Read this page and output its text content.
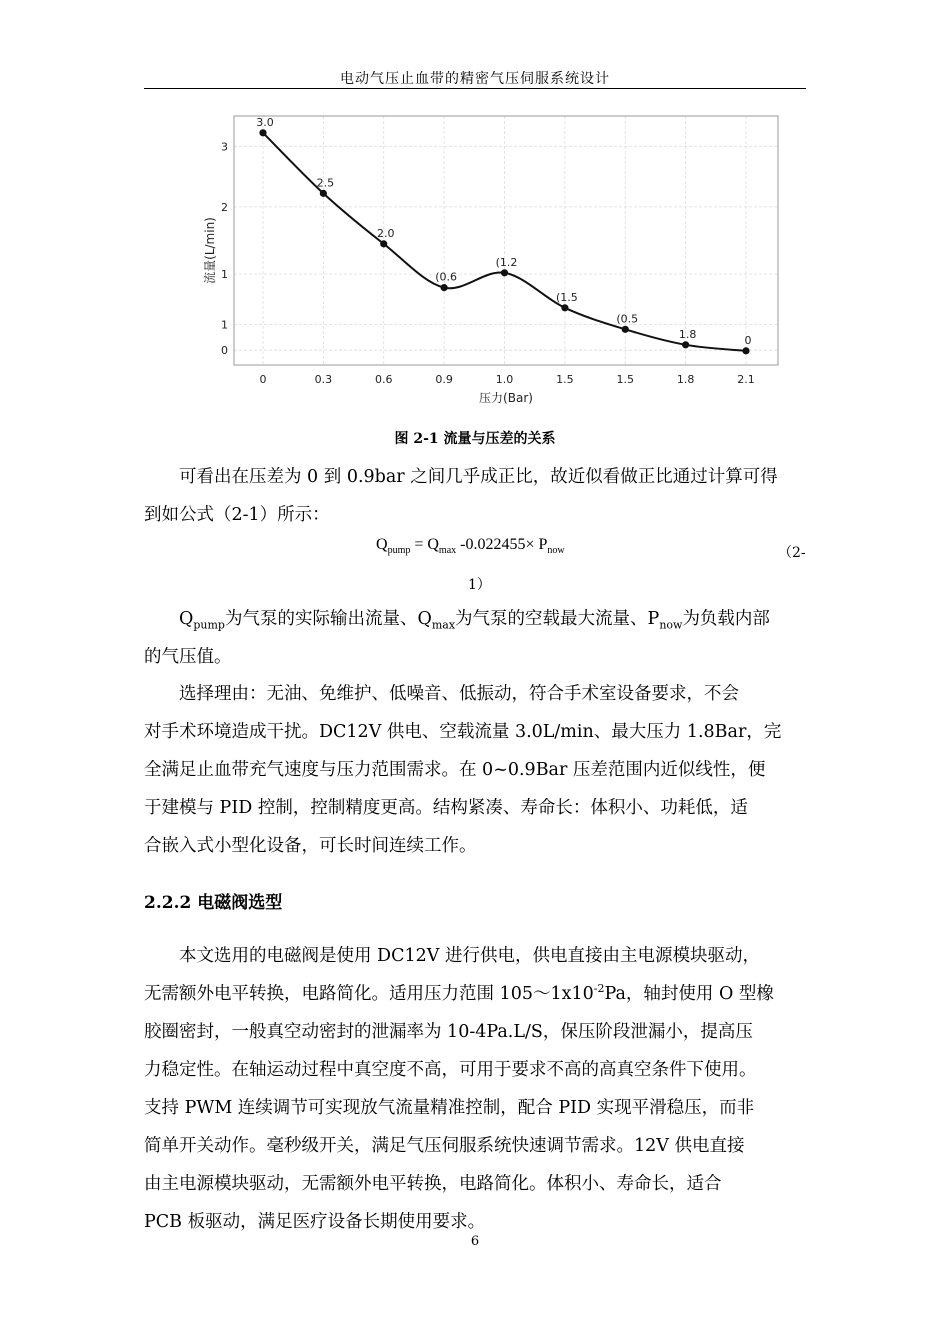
电动气压止血带的精密气压伺服系统设计
3
2
1
1
0
0	0.3	0.6	0.9	1.0	1.5	1.5	1.8	2.1
压力(Bar)
流量(L/min)
3.0
2.5
2.0
(0.6
(1.2
(1.5
(0.5
1.8	0
图 2-1 流量与压差的关系

可看出在压差为 0 到 0.9bar 之间几乎成正比，故近似看做正比通过计算可得
到如公式（2-1）所示：

$Q_{pump} = Q_{max}$ $-0.022455\times P_{now}$	（2-
1）

$Q_{pump}$为气泵的实际输出流量、$Q_{max}$为气泵的空载最大流量、$P_{now}$为负载内部
的气压值。

选择理由：无油、免维护、低噪音、低振动，符合手术室设备要求，不会
对手术环境造成干扰。DC12V 供电、空载流量 3.0L/min、最大压力 1.8Bar，完
全满足止血带充气速度与压力范围需求。在 0~0.9Bar 压差范围内近似线性，便
于建模与 PID 控制，控制精度更高。结构紧凑、寿命长：体积小、功耗低，适
合嵌入式小型化设备，可长时间连续工作。

2.2.2 电磁阀选型

本文选用的电磁阀是使用 DC12V 进行供电，供电直接由主电源模块驱动，
无需额外电平转换，电路简化。适用压力范围 $105\sim 1x10^{-2}Pa$，轴封使用 O 型橡
胶圈密封，一般真空动密封的泄漏率为 10-4Pa.L/S，保压阶段泄漏小，提高压
力稳定性。在轴运动过程中真空度不高，可用于要求不高的高真空条件下使用。
支持 PWM 连续调节可实现放气流量精准控制，配合 PID 实现平滑稳压，而非
简单开关动作。毫秒级开关，满足气压伺服系统快速调节需求。12V 供电直接
由主电源模块驱动，无需额外电平转换，电路简化。体积小、寿命长，适合
PCB 板驱动，满足医疗设备长期使用要求。

6
